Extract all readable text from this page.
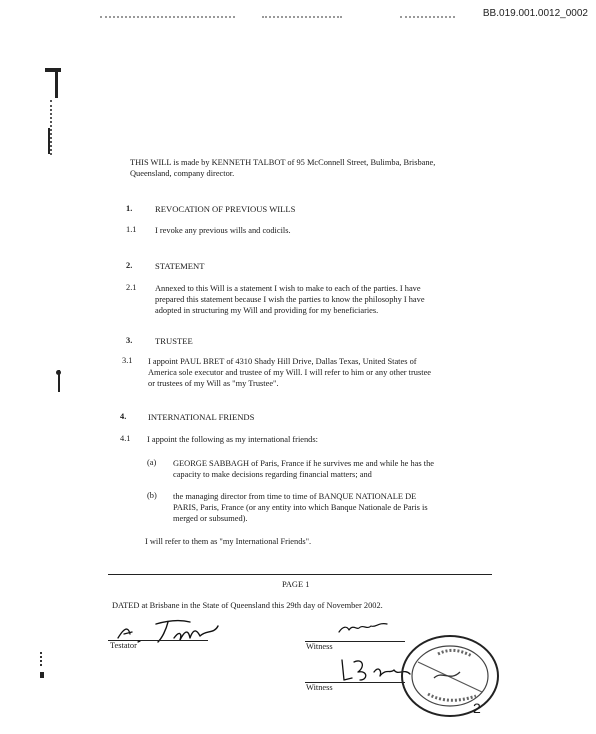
BB.019.001.0012_0002
THIS WILL is made by KENNETH TALBOT of 95 McConnell Street, Bulimba, Brisbane,
Queensland, company director.
1.	REVOCATION OF PREVIOUS WILLS
1.1 I revoke any previous wills and codicils.
2.	STATEMENT
2.1 Annexed to this Will is a statement I wish to make to each of the parties. I have
prepared this statement because I wish the parties to know the philosophy I have
adopted in structuring my Will and providing for my beneficiaries.
3.	TRUSTEE
3.1 I appoint PAUL BRET of 4310 Shady Hill Drive, Dallas Texas, United States of
America sole executor and trustee of my Will. I will refer to him or any other trustee
or trustees of my Will as "my Trustee".
4.	INTERNATIONAL FRIENDS
4.1 I appoint the following as my international friends:
(a) GEORGE SABBAGH of Paris, France if he survives me and while he has the
capacity to make decisions regarding financial matters; and
(b) the managing director from time to time of BANQUE NATIONALE DE
PARIS, Paris, France (or any entity into which Banque Nationale de Paris is
merged or subsumed).
I will refer to them as "my International Friends".
PAGE 1
DATED at Brisbane in the State of Queensland this 29th day of November 2002.
Testator	Witness
Witness
2
